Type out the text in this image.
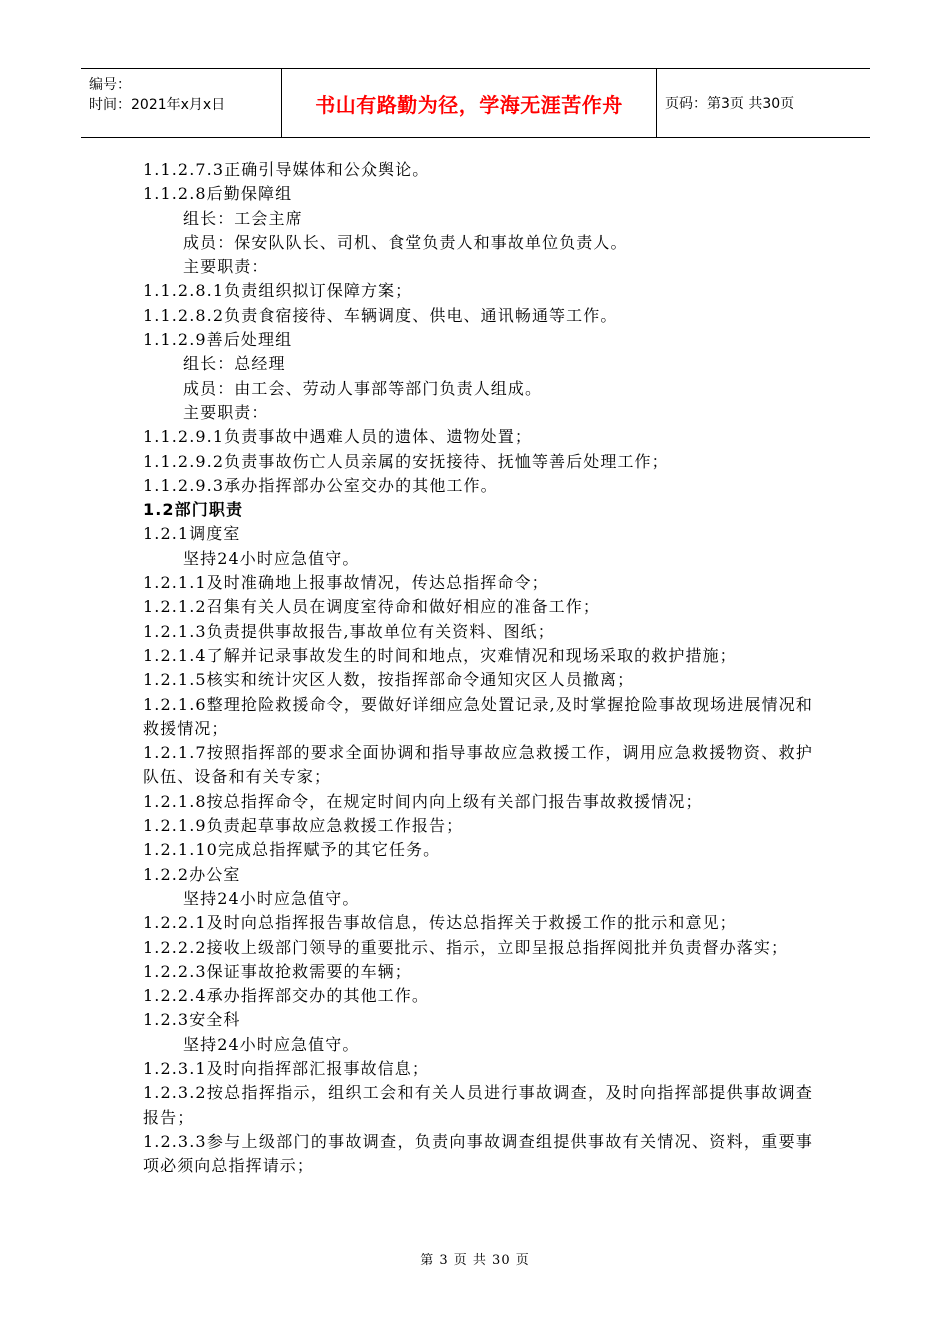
编号：
时间：2021年x月x日	书山有路勤为径，学海无涯苦作舟	页码：第3页 共30页
1.1.2.7.3正确引导媒体和公众舆论。
1.1.2.8后勤保障组
组长：工会主席
成员：保安队队长、司机、食堂负责人和事故单位负责人。
主要职责：
1.1.2.8.1负责组织拟订保障方案；
1.1.2.8.2负责食宿接待、车辆调度、供电、通讯畅通等工作。
1.1.2.9善后处理组
组长：总经理
成员：由工会、劳动人事部等部门负责人组成。
主要职责：
1.1.2.9.1负责事故中遇难人员的遗体、遗物处置；
1.1.2.9.2负责事故伤亡人员亲属的安抚接待、抚恤等善后处理工作；
1.1.2.9.3承办指挥部办公室交办的其他工作。
1.2部门职责
1.2.1调度室
坚持24小时应急值守。
1.2.1.1及时准确地上报事故情况，传达总指挥命令；
1.2.1.2召集有关人员在调度室待命和做好相应的准备工作；
1.2.1.3负责提供事故报告,事故单位有关资料、图纸；
1.2.1.4了解并记录事故发生的时间和地点，灾难情况和现场采取的救护措施；
1.2.1.5核实和统计灾区人数，按指挥部命令通知灾区人员撤离；
1.2.1.6整理抢险救援命令，要做好详细应急处置记录,及时掌握抢险事故现场进展情况和救援情况；
1.2.1.7按照指挥部的要求全面协调和指导事故应急救援工作，调用应急救援物资、救护队伍、设备和有关专家；
1.2.1.8按总指挥命令，在规定时间内向上级有关部门报告事故救援情况；
1.2.1.9负责起草事故应急救援工作报告；
1.2.1.10完成总指挥赋予的其它任务。
1.2.2办公室
坚持24小时应急值守。
1.2.2.1及时向总指挥报告事故信息，传达总指挥关于救援工作的批示和意见；
1.2.2.2接收上级部门领导的重要批示、指示，立即呈报总指挥阅批并负责督办落实；
1.2.2.3保证事故抢救需要的车辆；
1.2.2.4承办指挥部交办的其他工作。
1.2.3安全科
坚持24小时应急值守。
1.2.3.1及时向指挥部汇报事故信息；
1.2.3.2按总指挥指示，组织工会和有关人员进行事故调查，及时向指挥部提供事故调查报告；
1.2.3.3参与上级部门的事故调查，负责向事故调查组提供事故有关情况、资料，重要事项必须向总指挥请示；
第 3 页 共 30 页
